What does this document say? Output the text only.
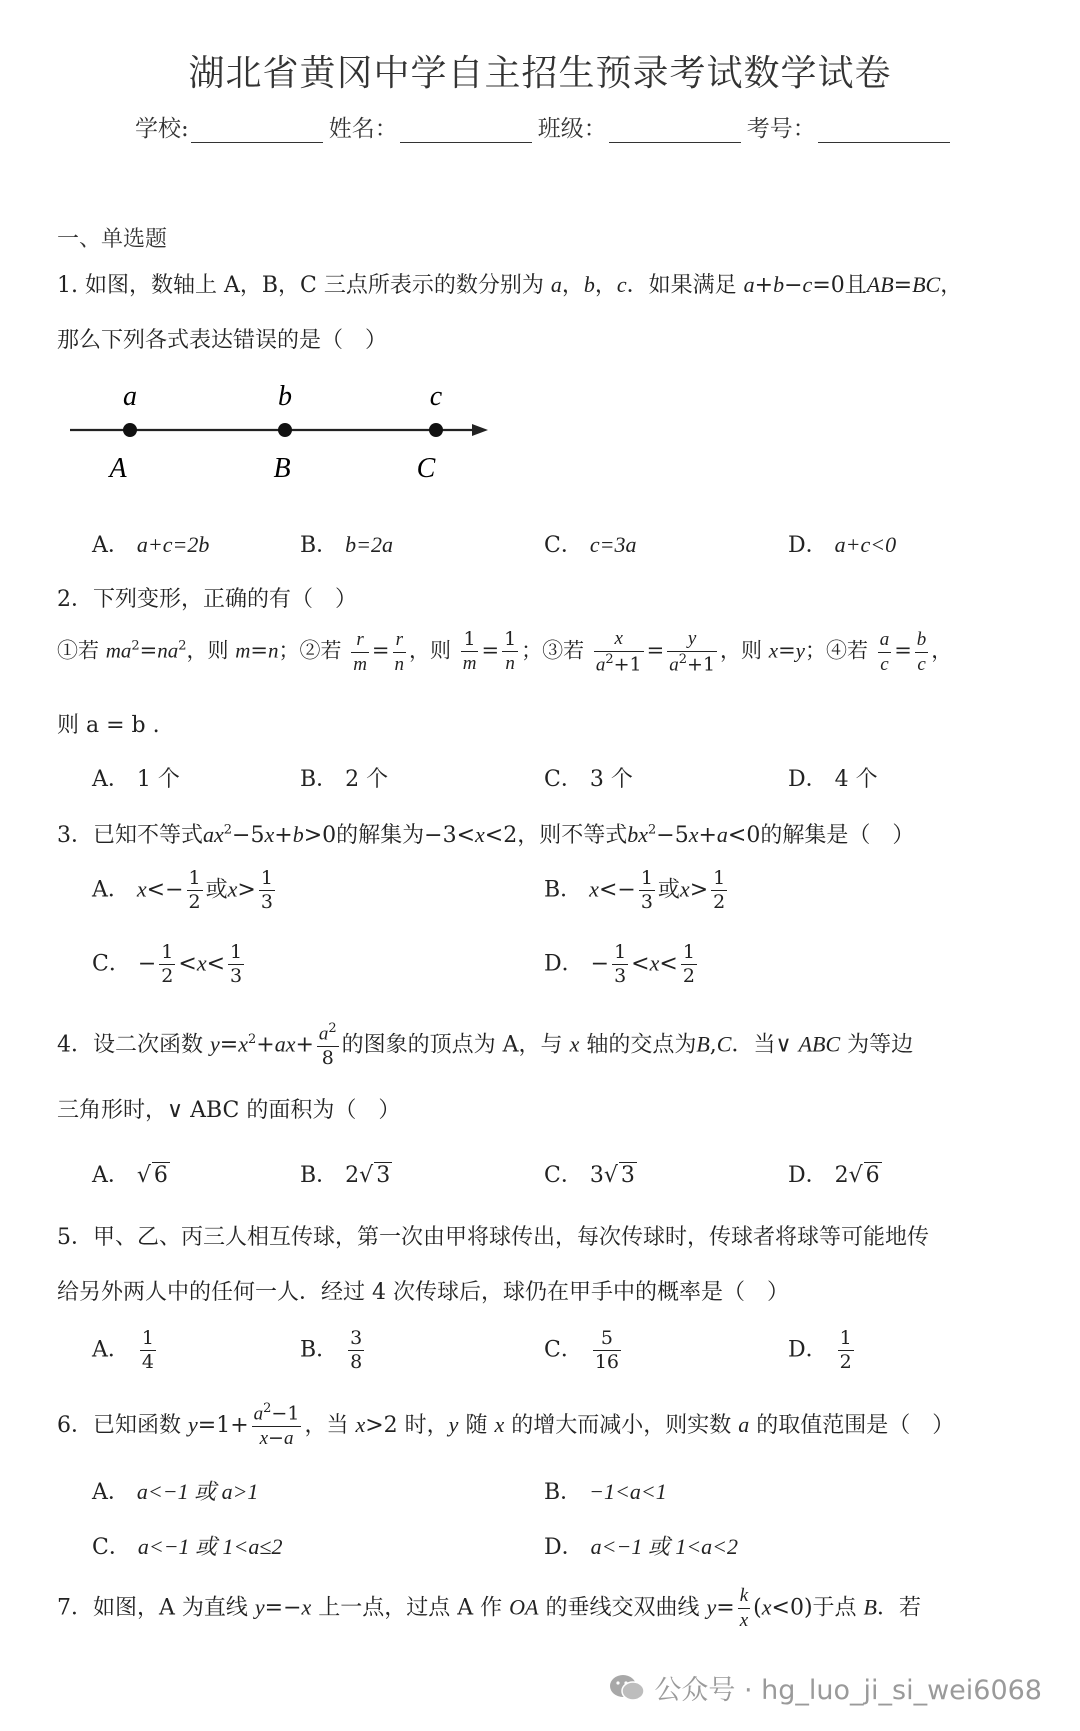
湖北省黄冈中学自主招生预录考试数学试卷
学校:	姓名：	班级：	考号：
一、单选题
1. 如图，数轴上 A，B，C 三点所表示的数分别为 a，b，c．如果满足 a+b−c=0且AB=BC，
那么下列各式表达错误的是（　）
a	b	c
A	B	C
A． a+c=2b	B． b=2a	C． c=3a	D． a+c<0
2．下列变形，正确的有（　）
①若 $ma^2=na^2$，则 m=n；②若 $\frac{r}{m} = \frac{r}{n}$ ，则 $\frac{1}{m} = \frac{1}{n}$ ；③若 $\frac{x}{a^2+1} = \frac{y}{a^2+1}$ ，则 x=y；④若 $\frac{a}{c} = \frac{b}{c}$ ，
则 a = b .
A． 1 个	B． 2 个	C． 3 个	D． 4 个
3．已知不等式$ax^2-5x+b>0$的解集为−3<x<2，则不等式$bx^2-5x+a<0$的解集是（　）
A． $x<- \frac{1}{2}$ 或$x> \frac{1}{3}$	B． $x<- \frac{1}{3}$ 或$x> \frac{1}{2}$
C． − $\frac{1}{2} <x< \frac{1}{3}$	D． − $\frac{1}{3} <x< \frac{1}{2}$
4．设二次函数 $y=x^2+ax+ \frac{a^2}{8}$ 的图象的顶点为 A，与 x 轴的交点为B,C．当∨ ABC 为等边
三角形时，∨ ABC 的面积为（　）
A． √ 6	B． 2√ 3	C． 3√ 3	D． 2√ 6
5．甲、乙、丙三人相互传球，第一次由甲将球传出，每次传球时，传球者将球等可能地传
给另外两人中的任何一人．经过 4 次传球后，球仍在甲手中的概率是（　）
A． $\frac{1}{4}$	B． $\frac{3}{8}$	C． $\frac{5}{16}$	D． $\frac{1}{2}$
6．已知函数 $y=1+ \frac{a^2-1}{x-a}$ ，当 x>2 时，y 随 x 的增大而减小，则实数 a 的取值范围是（　）
A． a<−1 或 a>1	B． −1<a<1
C． a<−1 或 1<a≤2	D． a<−1 或 1<a<2
7．如图，A 为直线 y=−x 上一点，过点 A 作 OA 的垂线交双曲线 $y= \frac{k}{x} (x<0)$于点 B．若
公众号 · hg_luo_ji_si_wei6068
